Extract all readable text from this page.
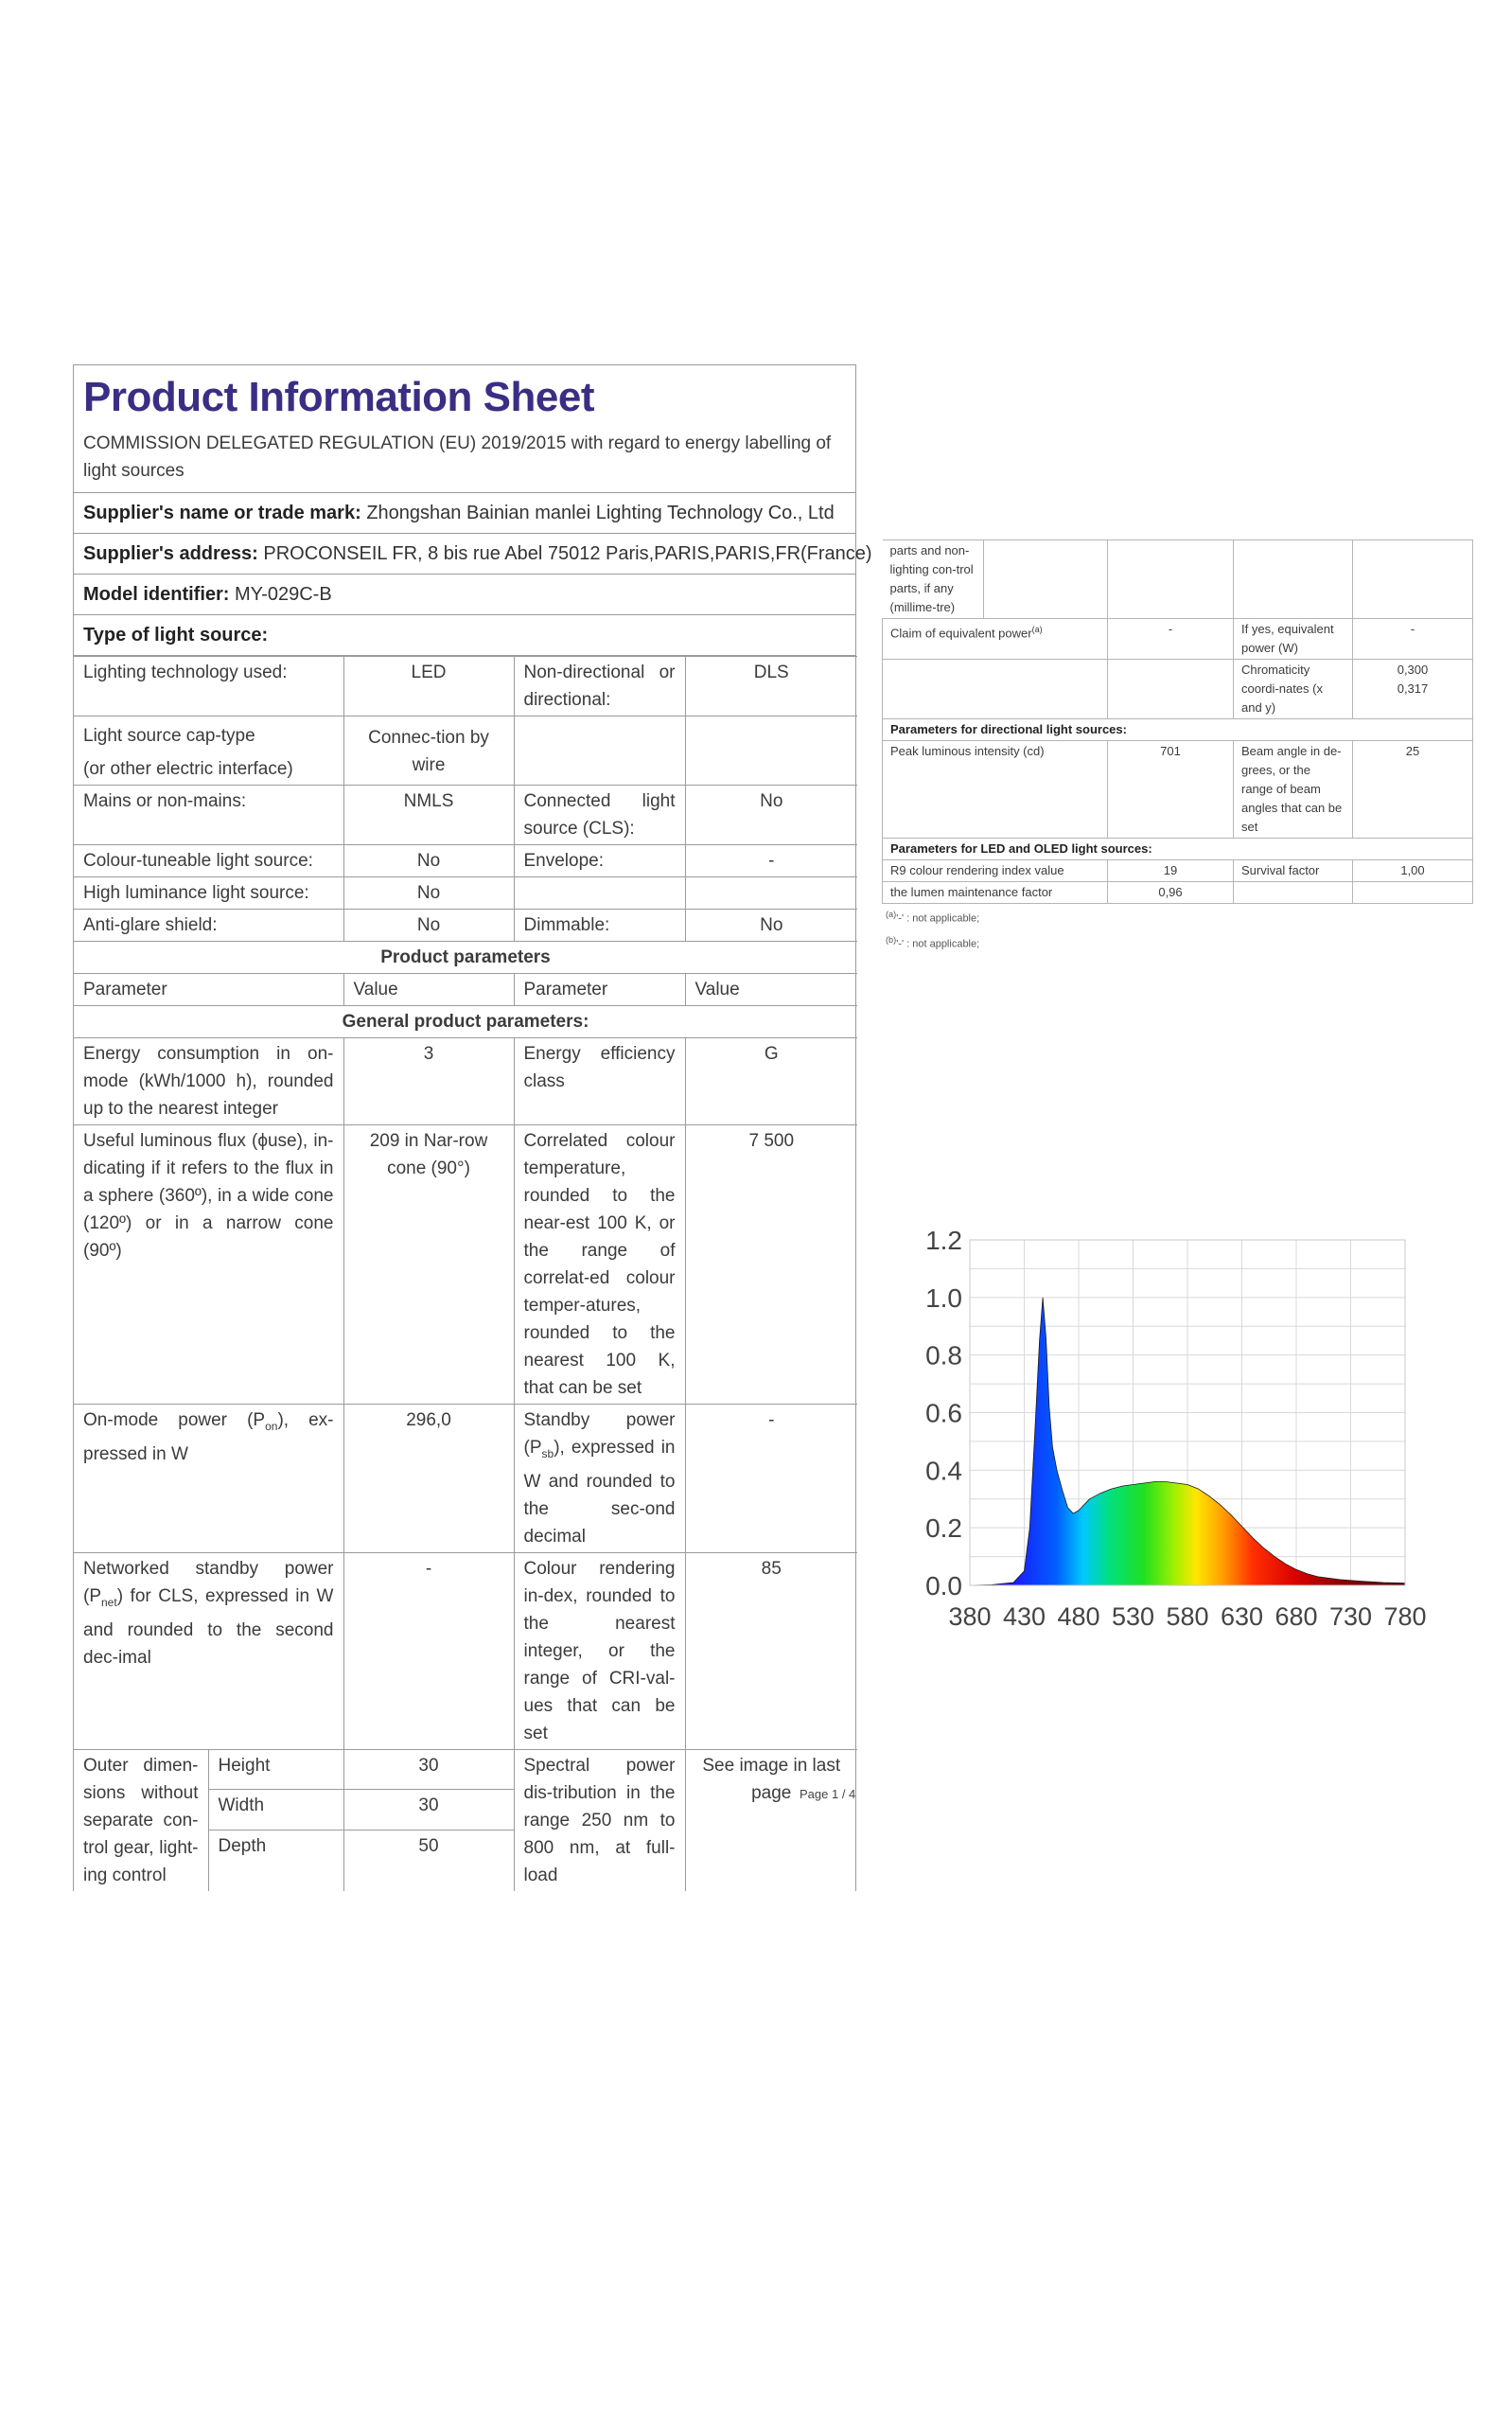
Product Information Sheet
COMMISSION DELEGATED REGULATION (EU) 2019/2015 with regard to energy labelling of light sources
Supplier's name or trade mark: Zhongshan Bainian manlei Lighting Technology Co., Ltd
Supplier's address: PROCONSEIL FR, 8 bis rue Abel 75012 Paris,PARIS,PARIS,FR(France)
Model identifier: MY-029C-B
Type of light source:
Lighting technology used:		LED	Non-directional or directional:	DLS

Light source cap-type
(or other electric interface)		Connec-tion by wire		
Mains or non-mains:		NMLS	Connected light source (CLS):	No
Colour-tuneable light source:		No	Envelope:	-
High luminance light source:		No		
Anti-glare shield:		No	Dimmable:	No
Product parameters				
Parameter		Value	Parameter	Value
General product parameters:				
Energy consumption in on-mode (kWh/1000 h), rounded up to the nearest integer		3	Energy efficiency class	G
Useful luminous flux (ϕuse), in-dicating if it refers to the flux in a sphere (360º), in a wide cone (120º) or in a narrow cone (90º)		209 in Nar-row cone (90°)	Correlated colour temperature, rounded to the near-est 100 K, or the range of correlat-ed colour temper-atures, rounded to the nearest 100 K, that can be set	7 500
On-mode power $(P_{on})$, ex-pressed in W		296,0	Standby power $(P_{sb})$, expressed in W and rounded to the sec-ond decimal	-
Networked standby power $(P_{net})$ for CLS, expressed in W and rounded to the second dec-imal		-	Colour rendering in-dex, rounded to the nearest integer, or the range of CRI-val-ues that can be set	85
Outer dimen-sions without separate con-trol gear, light-ing control	Height	30	Spectral power dis-tribution in the range 250 nm to 800 nm, at full-load	See image in last page
	Width	30		
	Depth	50		
Page 1 / 4
parts and non-lighting con-trol parts, if any (millime-tre)				
Claim of equivalent power$^{(a)}$		-	If yes, equivalent power (W)	-
			Chromaticity coordi-nates (x and y)	0,300
0,317

Parameters for directional light sources:				
Peak luminous intensity (cd)		701	Beam angle in de-grees, or the range of beam angles that can be set	25
Parameters for LED and OLED light sources:				
R9 colour rendering index value		19	Survival factor	1,00
the lumen maintenance factor		0,96		
$^{(a)}$'-' : not applicable;
$^{(b)}$'-' : not applicable;
1.2
1.0
0.8
0.6
0.4
0.2
0.0
380 430 480 530 580 630 680 730 780
